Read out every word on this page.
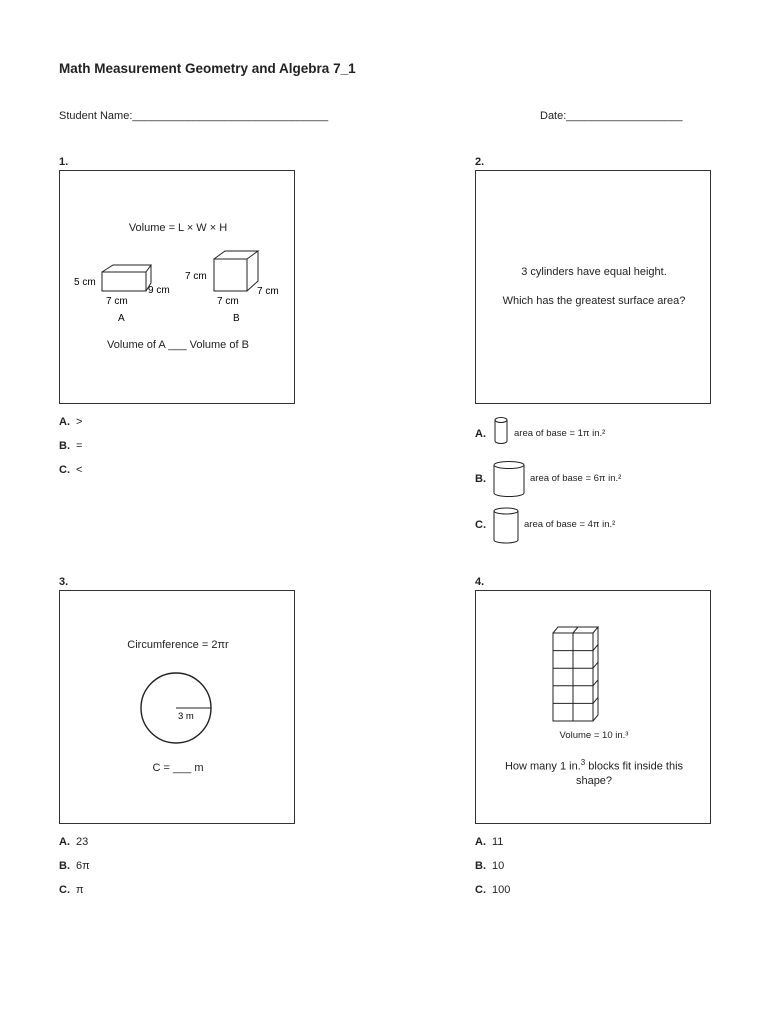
Math Measurement Geometry and Algebra 7_1
Student Name:________________________________	Date:___________________
1.
Volume = L × W × H
5 cm
7 cm
9 cm
A
7 cm
7 cm
7 cm
B
Volume of A ___ Volume of B
A. >
B. =
C. <
2.
3 cylinders have equal height.
Which has the greatest surface area?
A.	area of base = 1π in.²
B.	area of base = 6π in.²
C.	area of base = 4π in.²
3.
Circumference = 2πr
3 m
C = ___ m
A. 23
B. 6π
C. π
4.
Volume = 10 in.³
How many 1 in.$^3$ blocks fit inside this shape?
A. 11
B. 10
C. 100
